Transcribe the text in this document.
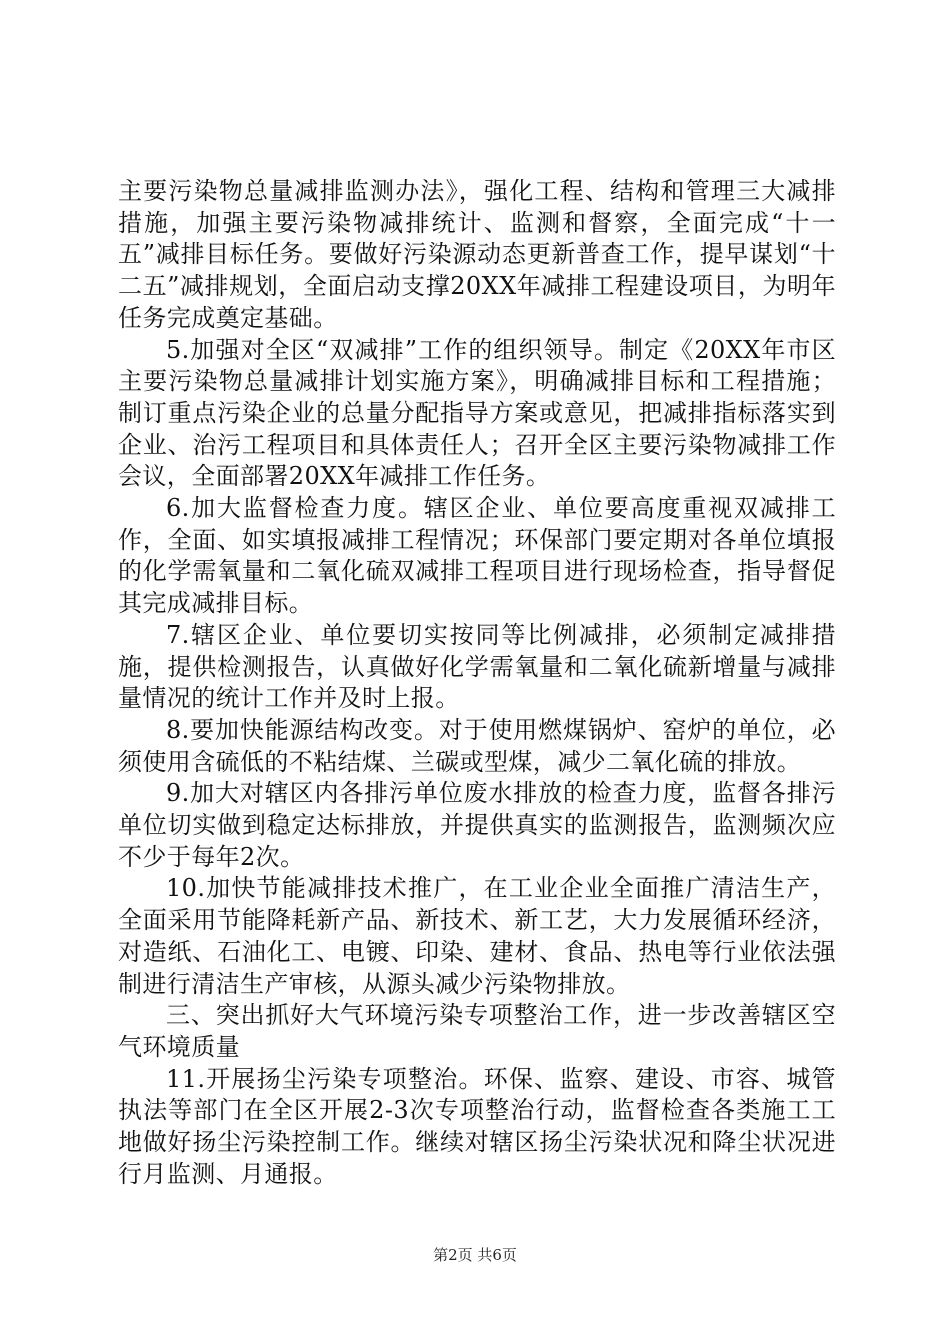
主要污染物总量减排监测办法》，强化工程、结构和管理三大减排措施，加强主要污染物减排统计、监测和督察，全面完成“十一五”减排目标任务。要做好污染源动态更新普查工作，提早谋划“十二五”减排规划，全面启动支撑20XX年减排工程建设项目，为明年任务完成奠定基础。

5.加强对全区“双减排”工作的组织领导。制定《20XX年市区主要污染物总量减排计划实施方案》，明确减排目标和工程措施；制订重点污染企业的总量分配指导方案或意见，把减排指标落实到企业、治污工程项目和具体责任人；召开全区主要污染物减排工作会议，全面部署20XX年减排工作任务。

6.加大监督检查力度。辖区企业、单位要高度重视双减排工作，全面、如实填报减排工程情况；环保部门要定期对各单位填报的化学需氧量和二氧化硫双减排工程项目进行现场检查，指导督促其完成减排目标。

7.辖区企业、单位要切实按同等比例减排，必须制定减排措施，提供检测报告，认真做好化学需氧量和二氧化硫新增量与减排量情况的统计工作并及时上报。

8.要加快能源结构改变。对于使用燃煤锅炉、窑炉的单位，必须使用含硫低的不粘结煤、兰碳或型煤，减少二氧化硫的排放。

9.加大对辖区内各排污单位废水排放的检查力度，监督各排污单位切实做到稳定达标排放，并提供真实的监测报告，监测频次应不少于每年2次。

10.加快节能减排技术推广，在工业企业全面推广清洁生产，全面采用节能降耗新产品、新技术、新工艺，大力发展循环经济，对造纸、石油化工、电镀、印染、建材、食品、热电等行业依法强制进行清洁生产审核，从源头减少污染物排放。

三、突出抓好大气环境污染专项整治工作，进一步改善辖区空气环境质量

11.开展扬尘污染专项整治。环保、监察、建设、市容、城管执法等部门在全区开展2-3次专项整治行动，监督检查各类施工工地做好扬尘污染控制工作。继续对辖区扬尘污染状况和降尘状况进行月监测、月通报。

第2页 共6页
